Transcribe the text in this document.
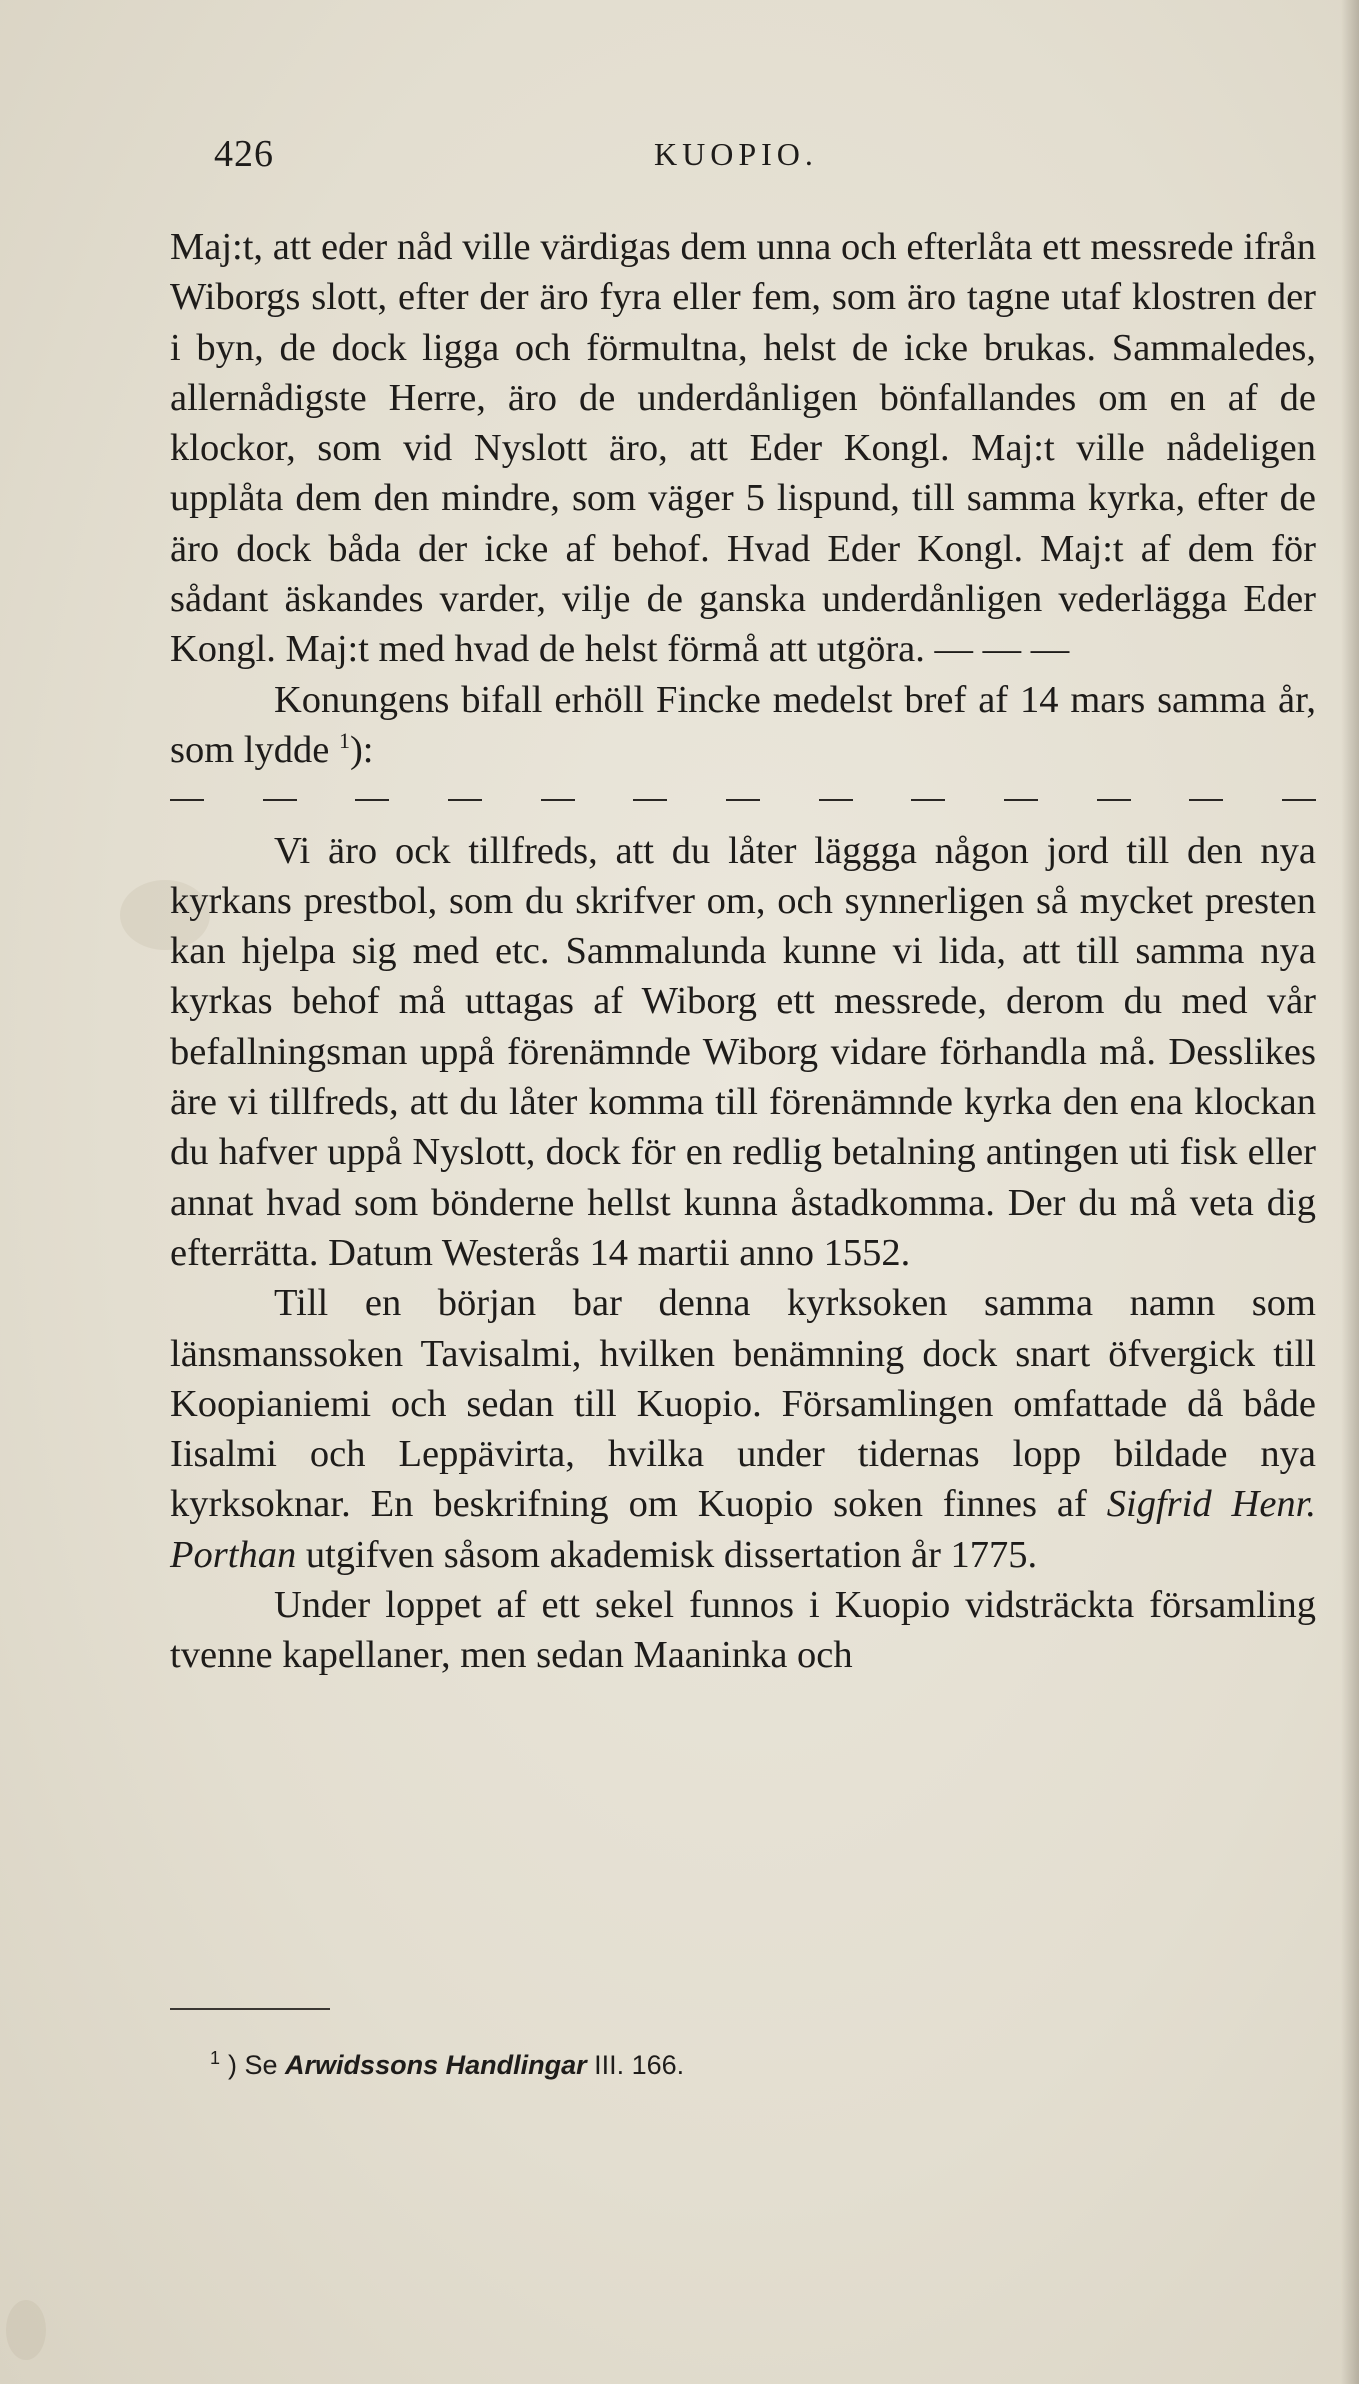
426	KUOPIO.

Maj:t, att eder nåd ville värdigas dem unna och efterlåta ett messrede ifrån Wiborgs slott, efter der äro fyra eller fem, som äro tagne utaf klostren der i byn, de dock ligga och förmultna, helst de icke brukas. Sammaledes, allernådigste Herre, äro de underdånligen bönfallandes om en af de klockor, som vid Nyslott äro, att Eder Kongl. Maj:t ville nådeligen upplåta dem den mindre, som väger 5 lispund, till samma kyrka, efter de äro dock båda der icke af behof. Hvad Eder Kongl. Maj:t af dem för sådant äskandes varder, vilje de ganska underdånligen vederlägga Eder Kongl. Maj:t med hvad de helst förmå att utgöra. — — —

Konungens bifall erhöll Fincke medelst bref af 14 mars samma år, som lydde $^1$):

Vi äro ock tillfreds, att du låter läggga någon jord till den nya kyrkans prestbol, som du skrifver om, och synnerligen så mycket presten kan hjelpa sig med etc. Sammalunda kunne vi lida, att till samma nya kyrkas behof må uttagas af Wiborg ett messrede, derom du med vår befallningsman uppå förenämnde Wiborg vidare förhandla må. Desslikes äre vi tillfreds, att du låter komma till förenämnde kyrka den ena klockan du hafver uppå Nyslott, dock för en redlig betalning antingen uti fisk eller annat hvad som bönderne hellst kunna åstadkomma. Der du må veta dig efterrätta. Datum Westerås 14 martii anno 1552.

Till en början bar denna kyrksoken samma namn som länsmanssoken Tavisalmi, hvilken benämning dock snart öfvergick till Koopianiemi och sedan till Kuopio. Församlingen omfattade då både Iisalmi och Leppävirta, hvilka under tidernas lopp bildade nya kyrksoknar. En beskrifning om Kuopio soken finnes af Sigfrid Henr. Porthan utgifven såsom akademisk dissertation år 1775.

Under loppet af ett sekel funnos i Kuopio vidsträckta församling tvenne kapellaner, men sedan Maaninka och

$^1$ ) Se Arwidssons Handlingar III. 166.
